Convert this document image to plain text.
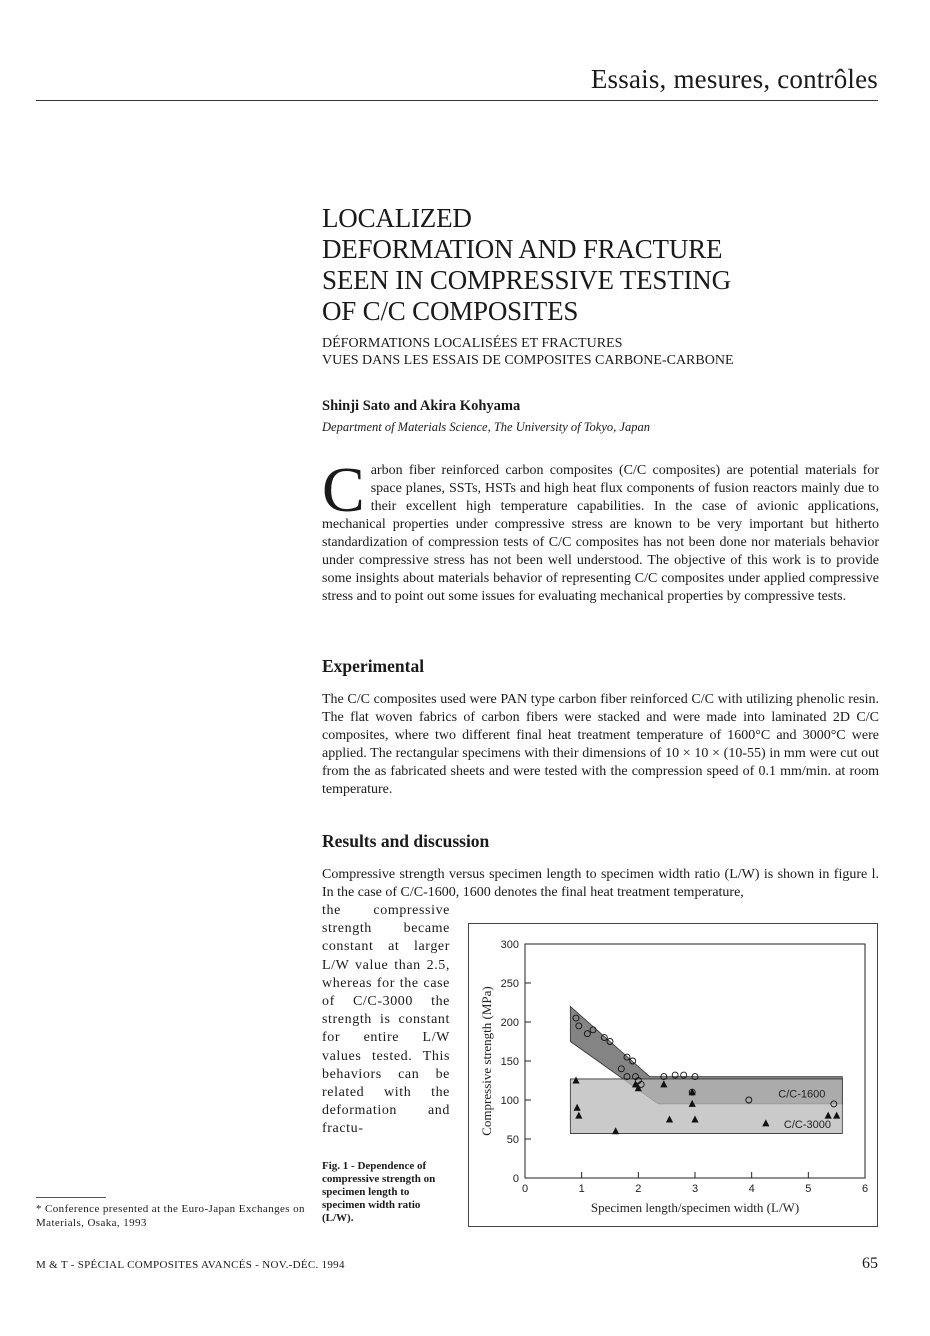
Essais, mesures, contrôles
LOCALIZED
DEFORMATION AND FRACTURE
SEEN IN COMPRESSIVE TESTING
OF C/C COMPOSITES
DÉFORMATIONS LOCALISÉES ET FRACTURES
VUES DANS LES ESSAIS DE COMPOSITES CARBONE-CARBONE
Shinji Sato and Akira Kohyama
Department of Materials Science, The University of Tokyo, Japan
C arbon fiber reinforced carbon composites (C/C composites) are potential materials for space planes, SSTs, HSTs and high heat flux components of fusion reactors mainly due to their excellent high temperature capabilities. In the case of avionic applications, mechanical properties under compressive stress are known to be very important but hitherto standardization of compression tests of C/C composites has not been done nor materials behavior under compressive stress has not been well understood. The objective of this work is to provide some insights about materials behavior of representing C/C composites under applied compressive stress and to point out some issues for evaluating mechanical properties by compressive tests.
Experimental
The C/C composites used were PAN type carbon fiber reinforced C/C with utilizing phenolic resin. The flat woven fabrics of carbon fibers were stacked and were made into laminated 2D C/C composites, where two different final heat treatment temperature of 1600°C and 3000°C were applied. The rectangular specimens with their dimensions of 10 × 10 × (10-55) in mm were cut out from the as fabricated sheets and were tested with the compression speed of 0.1 mm/min. at room temperature.
Results and discussion
Compressive strength versus specimen length to specimen width ratio (L/W) is shown in figure l. In the case of C/C-1600, 1600 denotes the final heat treatment temperature,
the compressive strength became constant at larger L/W value than 2.5, whereas for the case of C/C-3000 the strength is constant for entire L/W values tested. This behaviors can be related with the deformation and fractu-
Fig. 1 - Dependence of compressive strength on specimen length to specimen width ratio (L/W).
C/C-1600
C/C-3000
0
50
100
150
200
250
300
0	1	2	3	4	5	6
Specimen length/specimen width (L/W)
Compressive strength (MPa)
* Conference presented at the Euro-Japan Exchanges on Materials, Osaka, 1993
M & T - SPÉCIAL COMPOSITES AVANCÉS - NOV.-DÉC. 1994	65
